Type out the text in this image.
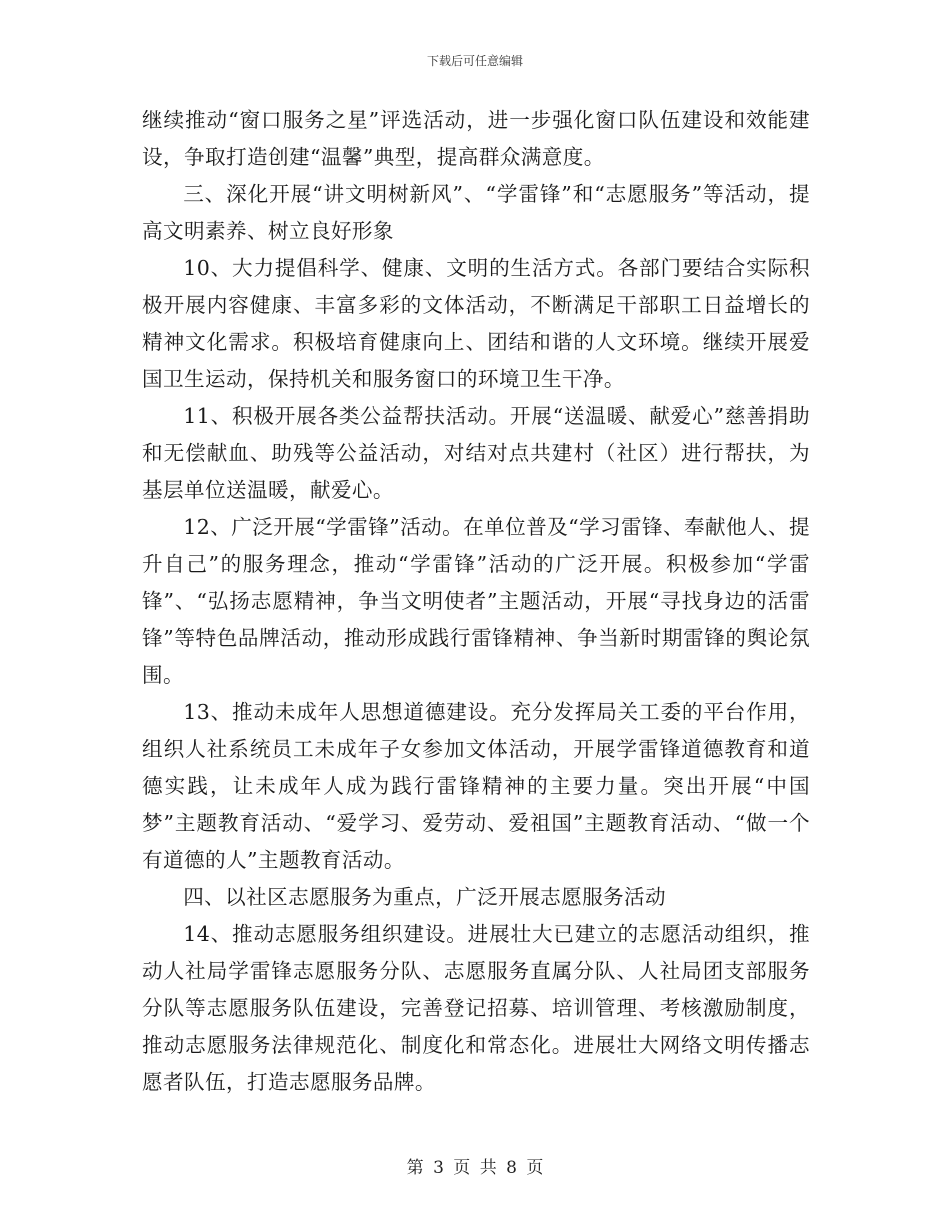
下载后可任意编辑

继续推动“窗口服务之星”评选活动，进一步强化窗口队伍建设和效能建设，争取打造创建“温馨”典型，提高群众满意度。

三、深化开展“讲文明树新风”、“学雷锋”和“志愿服务”等活动，提高文明素养、树立良好形象

10、大力提倡科学、健康、文明的生活方式。各部门要结合实际积极开展内容健康、丰富多彩的文体活动，不断满足干部职工日益增长的精神文化需求。积极培育健康向上、团结和谐的人文环境。继续开展爱国卫生运动，保持机关和服务窗口的环境卫生干净。

11、积极开展各类公益帮扶活动。开展“送温暖、献爱心”慈善捐助和无偿献血、助残等公益活动，对结对点共建村（社区）进行帮扶，为基层单位送温暖，献爱心。

12、广泛开展“学雷锋”活动。在单位普及“学习雷锋、奉献他人、提升自己”的服务理念，推动“学雷锋”活动的广泛开展。积极参加“学雷锋”、“弘扬志愿精神，争当文明使者”主题活动，开展“寻找身边的活雷锋”等特色品牌活动，推动形成践行雷锋精神、争当新时期雷锋的舆论氛围。

13、推动未成年人思想道德建设。充分发挥局关工委的平台作用，组织人社系统员工未成年子女参加文体活动，开展学雷锋道德教育和道德实践，让未成年人成为践行雷锋精神的主要力量。突出开展“中国梦”主题教育活动、“爱学习、爱劳动、爱祖国”主题教育活动、“做一个有道德的人”主题教育活动。

四、以社区志愿服务为重点，广泛开展志愿服务活动

14、推动志愿服务组织建设。进展壮大已建立的志愿活动组织，推动人社局学雷锋志愿服务分队、志愿服务直属分队、人社局团支部服务分队等志愿服务队伍建设，完善登记招募、培训管理、考核激励制度，推动志愿服务法律规范化、制度化和常态化。进展壮大网络文明传播志愿者队伍，打造志愿服务品牌。

第 3 页 共 8 页
